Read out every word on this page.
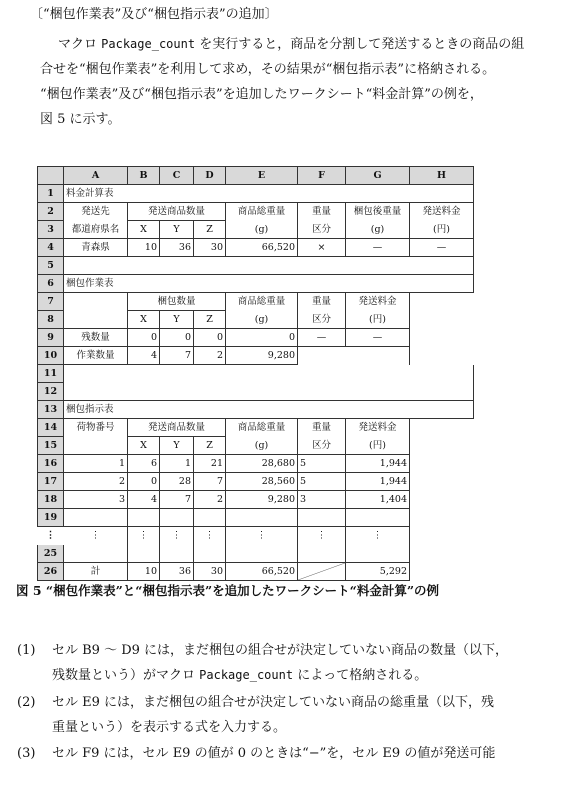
〔“梱包作業表”及び“梱包指示表”の追加〕
マクロ Package_count を実行すると，商品を分割して発送するときの商品の組
合せを“梱包作業表”を利用して求め，その結果が“梱包指示表”に格納される。
“梱包作業表”及び“梱包指示表”を追加したワークシート“料金計算”の例を，
図 5 に示す。
	A	B	C	D	E	F	G	H
1	料金計算表							
2	発送先	発送商品数量			商品総重量	重量	梱包後重量	発送料金
3	都道府県名	X	Y	Z	(g)	区分	(g)	(円)
4	青森県	10	36	30	66,520	×	—	—
5								
6	梱包作業表							
7		梱包数量			商品総重量	重量	発送料金	
8		X	Y	Z	(g)	区分	(円)	
9	残数量	0	0	0	0	—	—	
10	作業数量	4	7	2	9,280			
11								
12								
13	梱包指示表							
14	荷物番号	発送商品数量			商品総重量	重量	発送料金	
15		X	Y	Z	(g)	区分	(円)	
16	1	6	1	21	28,680	5	1,944	
17	2	0	28	7	28,560	5	1,944	
18	3	4	7	2	9,280	3	1,404	
19								
⋮	⋮	⋮	⋮	⋮	⋮	⋮	⋮	
25								
26	計	10	36	30	66,520		5,292	
図 5 “梱包作業表”と“梱包指示表”を追加したワークシート“料金計算”の例
(1) セル B9 ～ D9 には，まだ梱包の組合せが決定していない商品の数量（以下，
残数量という）がマクロ Package_count によって格納される。
(2) セル E9 には，まだ梱包の組合せが決定していない商品の総重量（以下，残
重量という）を表示する式を入力する。
(3) セル F9 には，セル E9 の値が 0 のときは“−”を，セル E9 の値が発送可能
